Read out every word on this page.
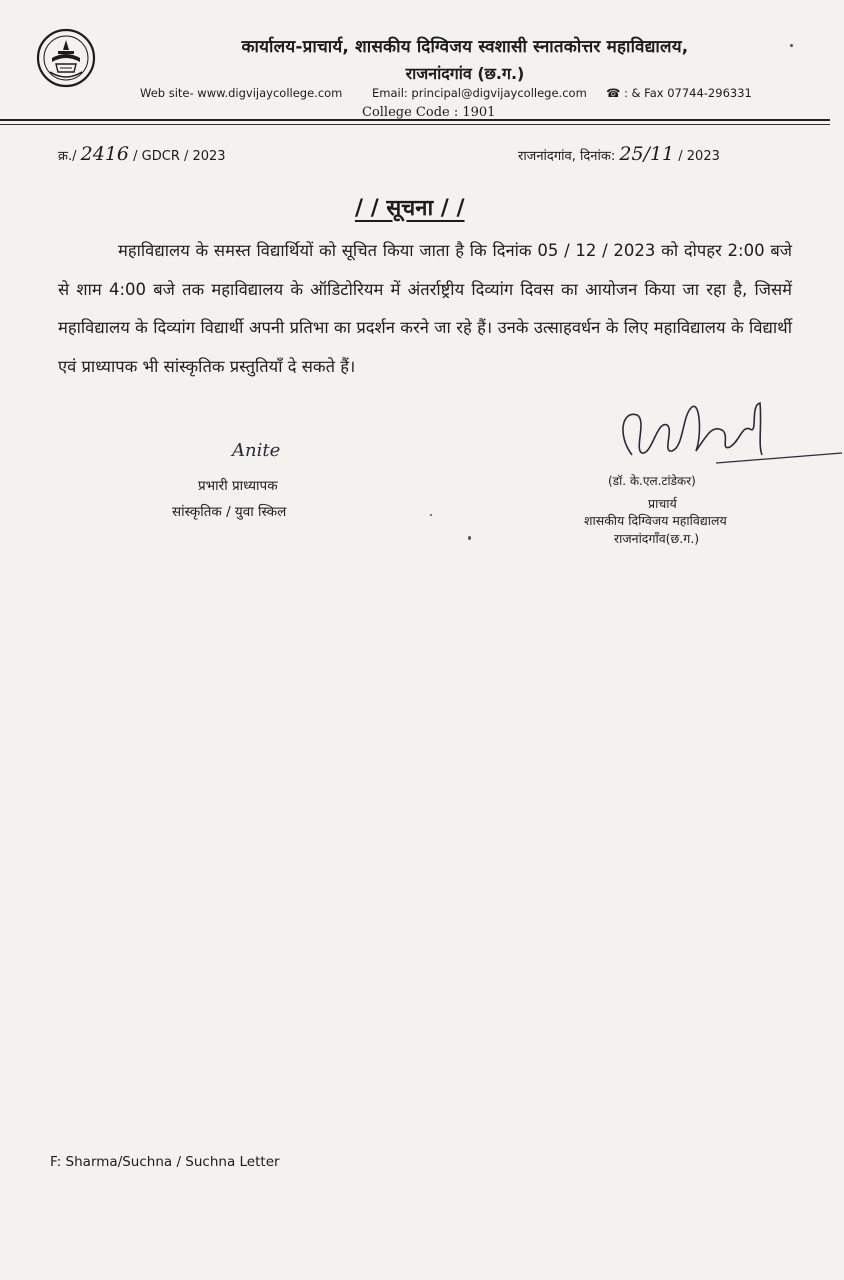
कार्यालय-प्राचार्य, शासकीय दिग्विजय स्वशासी स्नातकोत्तर महाविद्यालय,
राजनांदगांव (छ.ग.)
Web site- www.digvijaycollege.com	Email: principal@digvijaycollege.com ☎ : & Fax 07744-296331
College Code : 1901
क्र./ 2416 / GDCR / 2023	राजनांदगांव, दिनांक: 25/11 / 2023
/ / सूचना / /
महाविद्यालय के समस्त विद्यार्थियों को सूचित किया जाता है कि दिनांक 05 / 12 / 2023 को दोपहर 2:00 बजे से शाम 4:00 बजे तक महाविद्यालय के ऑडिटोरियम में अंतर्राष्ट्रीय दिव्यांग दिवस का आयोजन किया जा रहा है, जिसमें महाविद्यालय के दिव्यांग विद्यार्थी अपनी प्रतिभा का प्रदर्शन करने जा रहे हैं। उनके उत्साहवर्धन के लिए महाविद्यालय के विद्यार्थी एवं प्राध्यापक भी सांस्कृतिक प्रस्तुतियाँ दे सकते हैं।
Anite
प्रभारी प्राध्यापक
सांस्कृतिक / युवा स्किल
(डॉ. के.एल.टांडेकर)
प्राचार्य
शासकीय दिग्विजय महाविद्यालय
राजनांदगाँव(छ.ग.)
F: Sharma/Suchna / Suchna Letter
